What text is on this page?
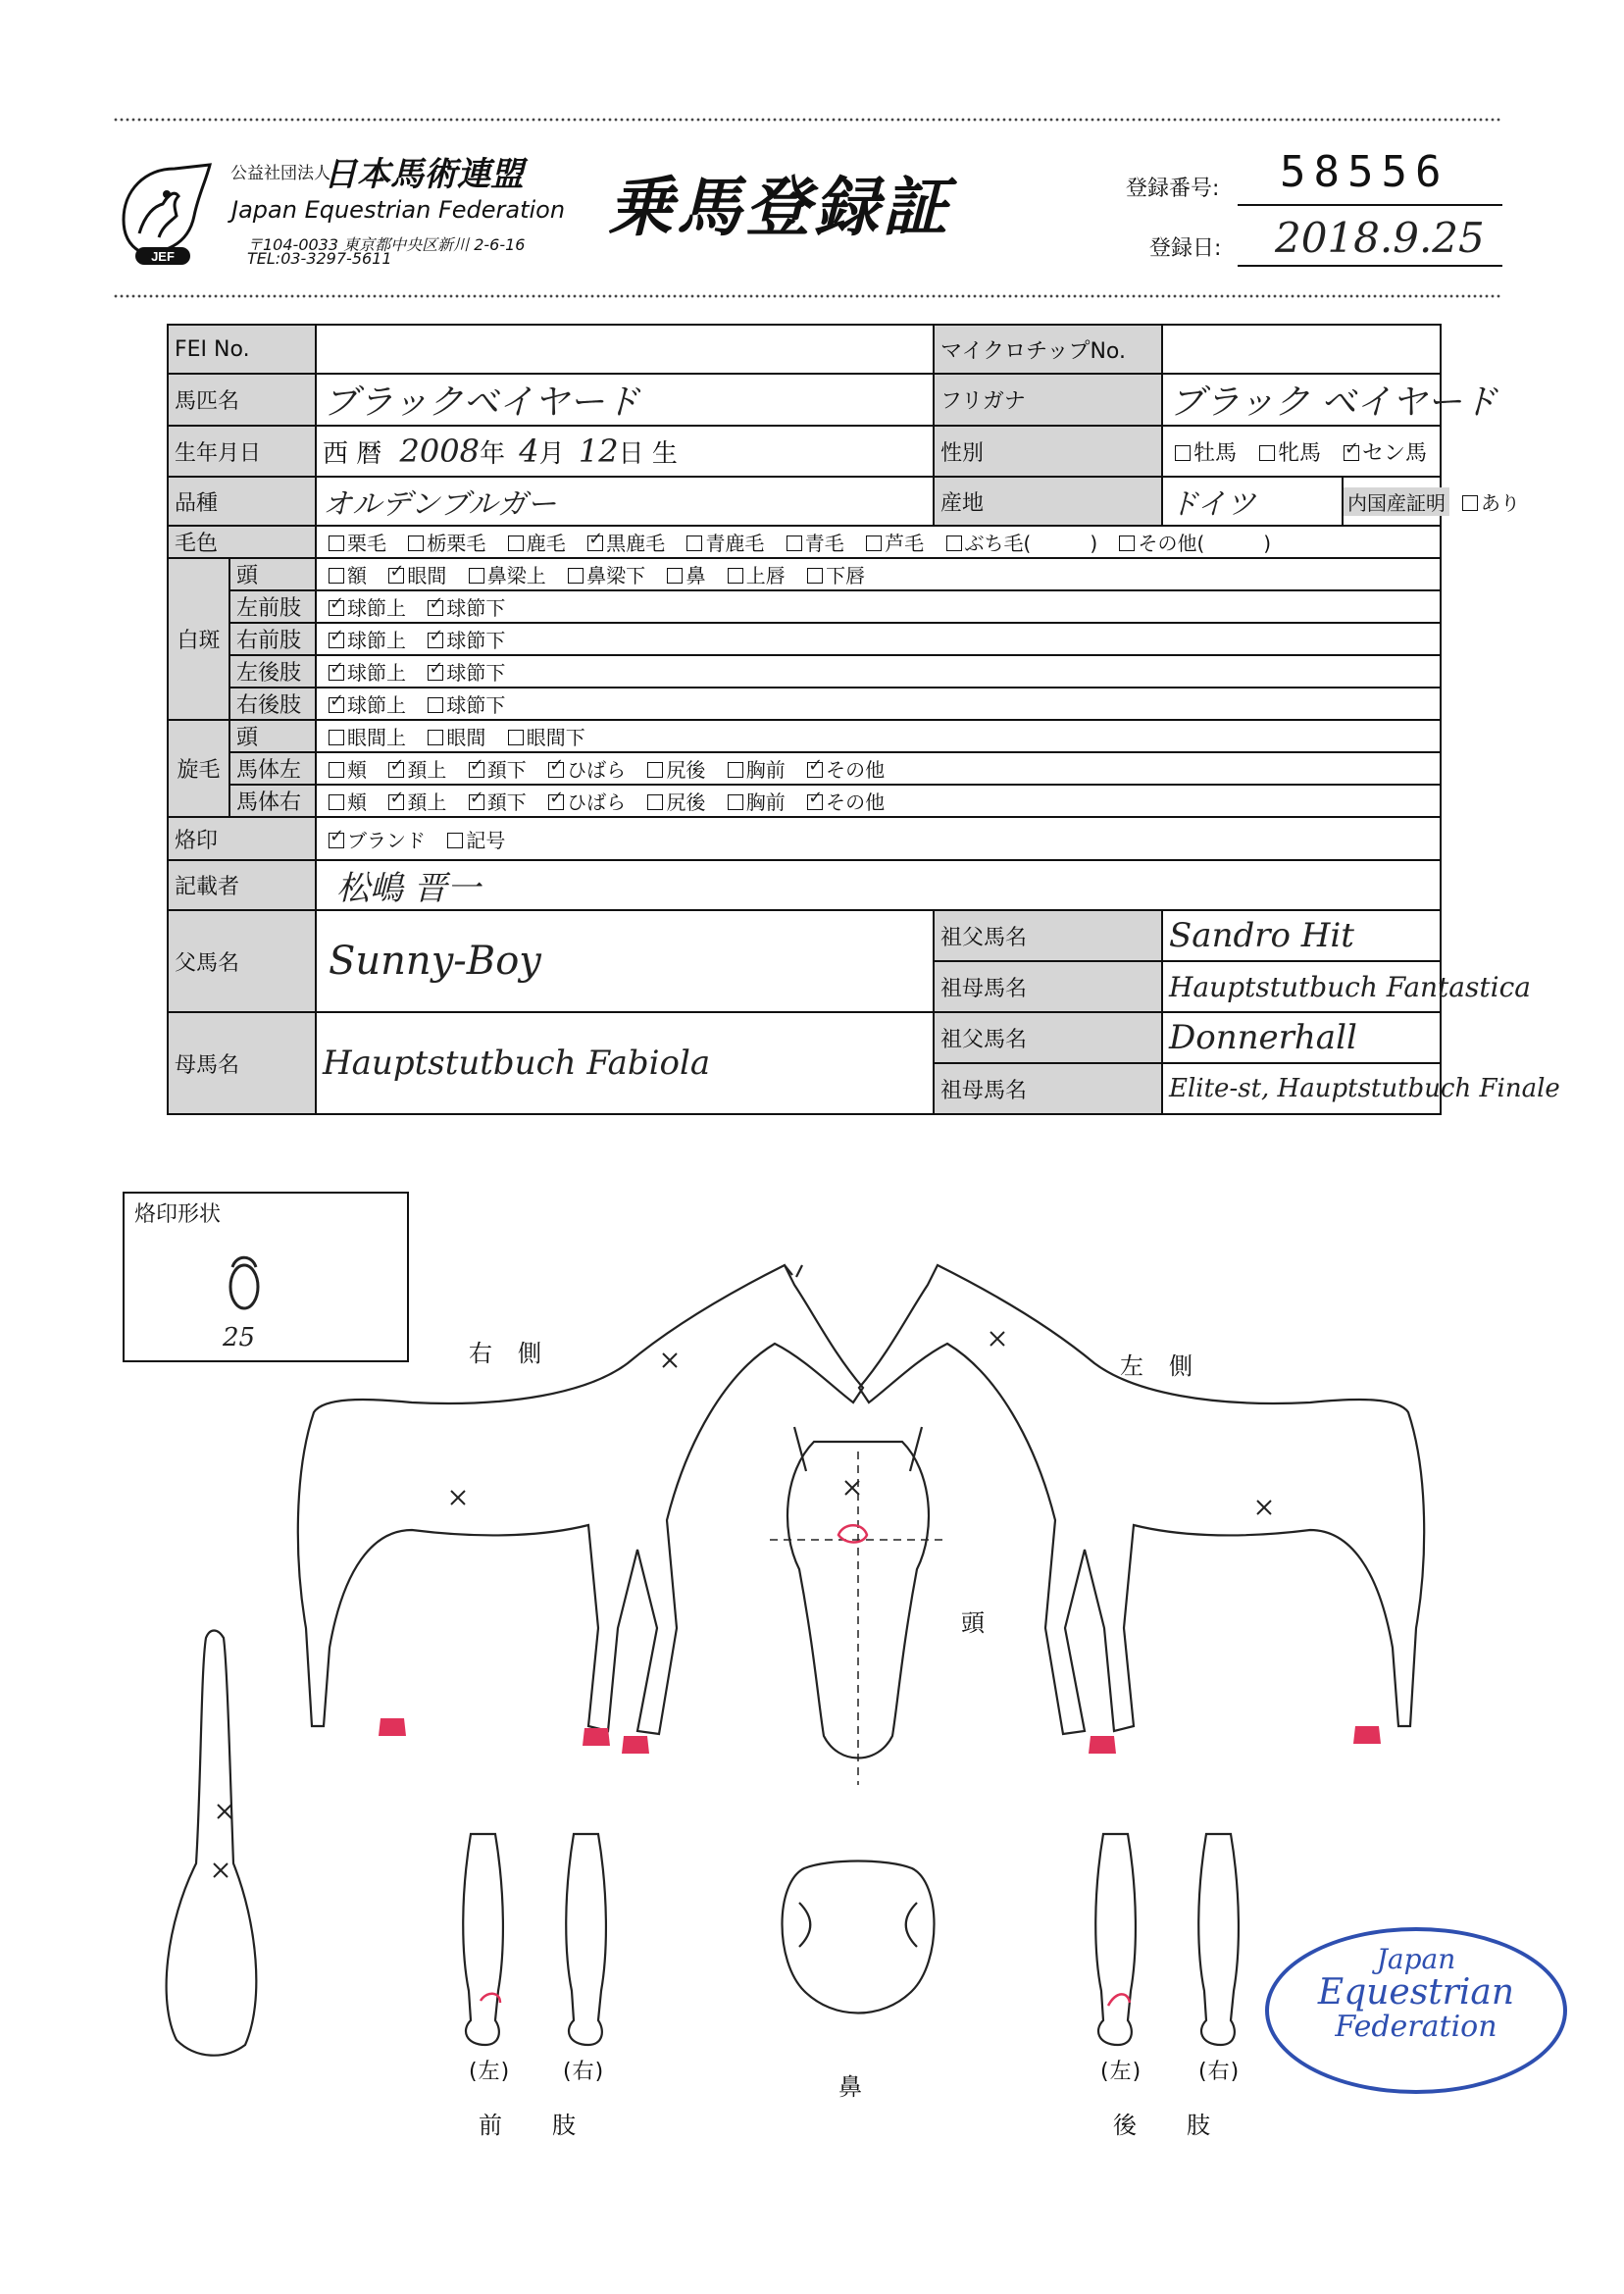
JEF
公益社団法人
日本馬術連盟
Japan Equestrian Federation
〒104-0033 東京都中央区新川 2-6-16
TEL:03-3297-5611
乗馬登録証	登録番号: 58556
登録日: 2018.9.25
FEI No.			マイクロチップNo.		
馬匹名		ブラックベイヤード	フリガナ	ブラック ベイヤード	
生年月日		西 暦 2008年 4月 12日 生	性別	牡馬 牝馬 ✓ セン馬
品種		オルデンブルガー	産地	ドイツ	内国産証明 あり
毛色		栗毛 栃栗毛 鹿毛 ✓ 黒鹿毛 青鹿毛 青毛 芦毛 ぶち毛(　　　) その他(　　　)
白斑	頭	額 ✓ 眼間 鼻梁上 鼻梁下 鼻 上唇 下唇
	左前肢	✓球節上 ✓ 球節下
	右前肢	✓球節上 ✓ 球節下
	左後肢	✓球節上 ✓ 球節下
	右後肢	✓球節上 球節下
旋毛	頭	眼間上 眼間 眼間下			
	馬体左	頬 ✓ 頚上 ✓ 頚下 ✓ ひばら 尻後 胸前 ✓ その他
	馬体右	頬 ✓ 頚上 ✓ 頚下 ✓ ひばら 尻後 胸前 ✓ その他
烙印	✓ブランド 記号
記載者		松嶋 晋一			
父馬名		Sunny-Boy	祖父馬名	Sandro Hit	
			祖母馬名	Hauptstutbuch Fantastica	
母馬名		Hauptstutbuch Fabiola	祖父馬名	Donnerhall	
			祖母馬名	Elite-st, Hauptstutbuch Finale	
烙印形状
25
右　側	左　側
頭
鼻
(左) (右)
前　　肢
(左)	(右)
後　　肢
Japan
Equestrian
Federation
